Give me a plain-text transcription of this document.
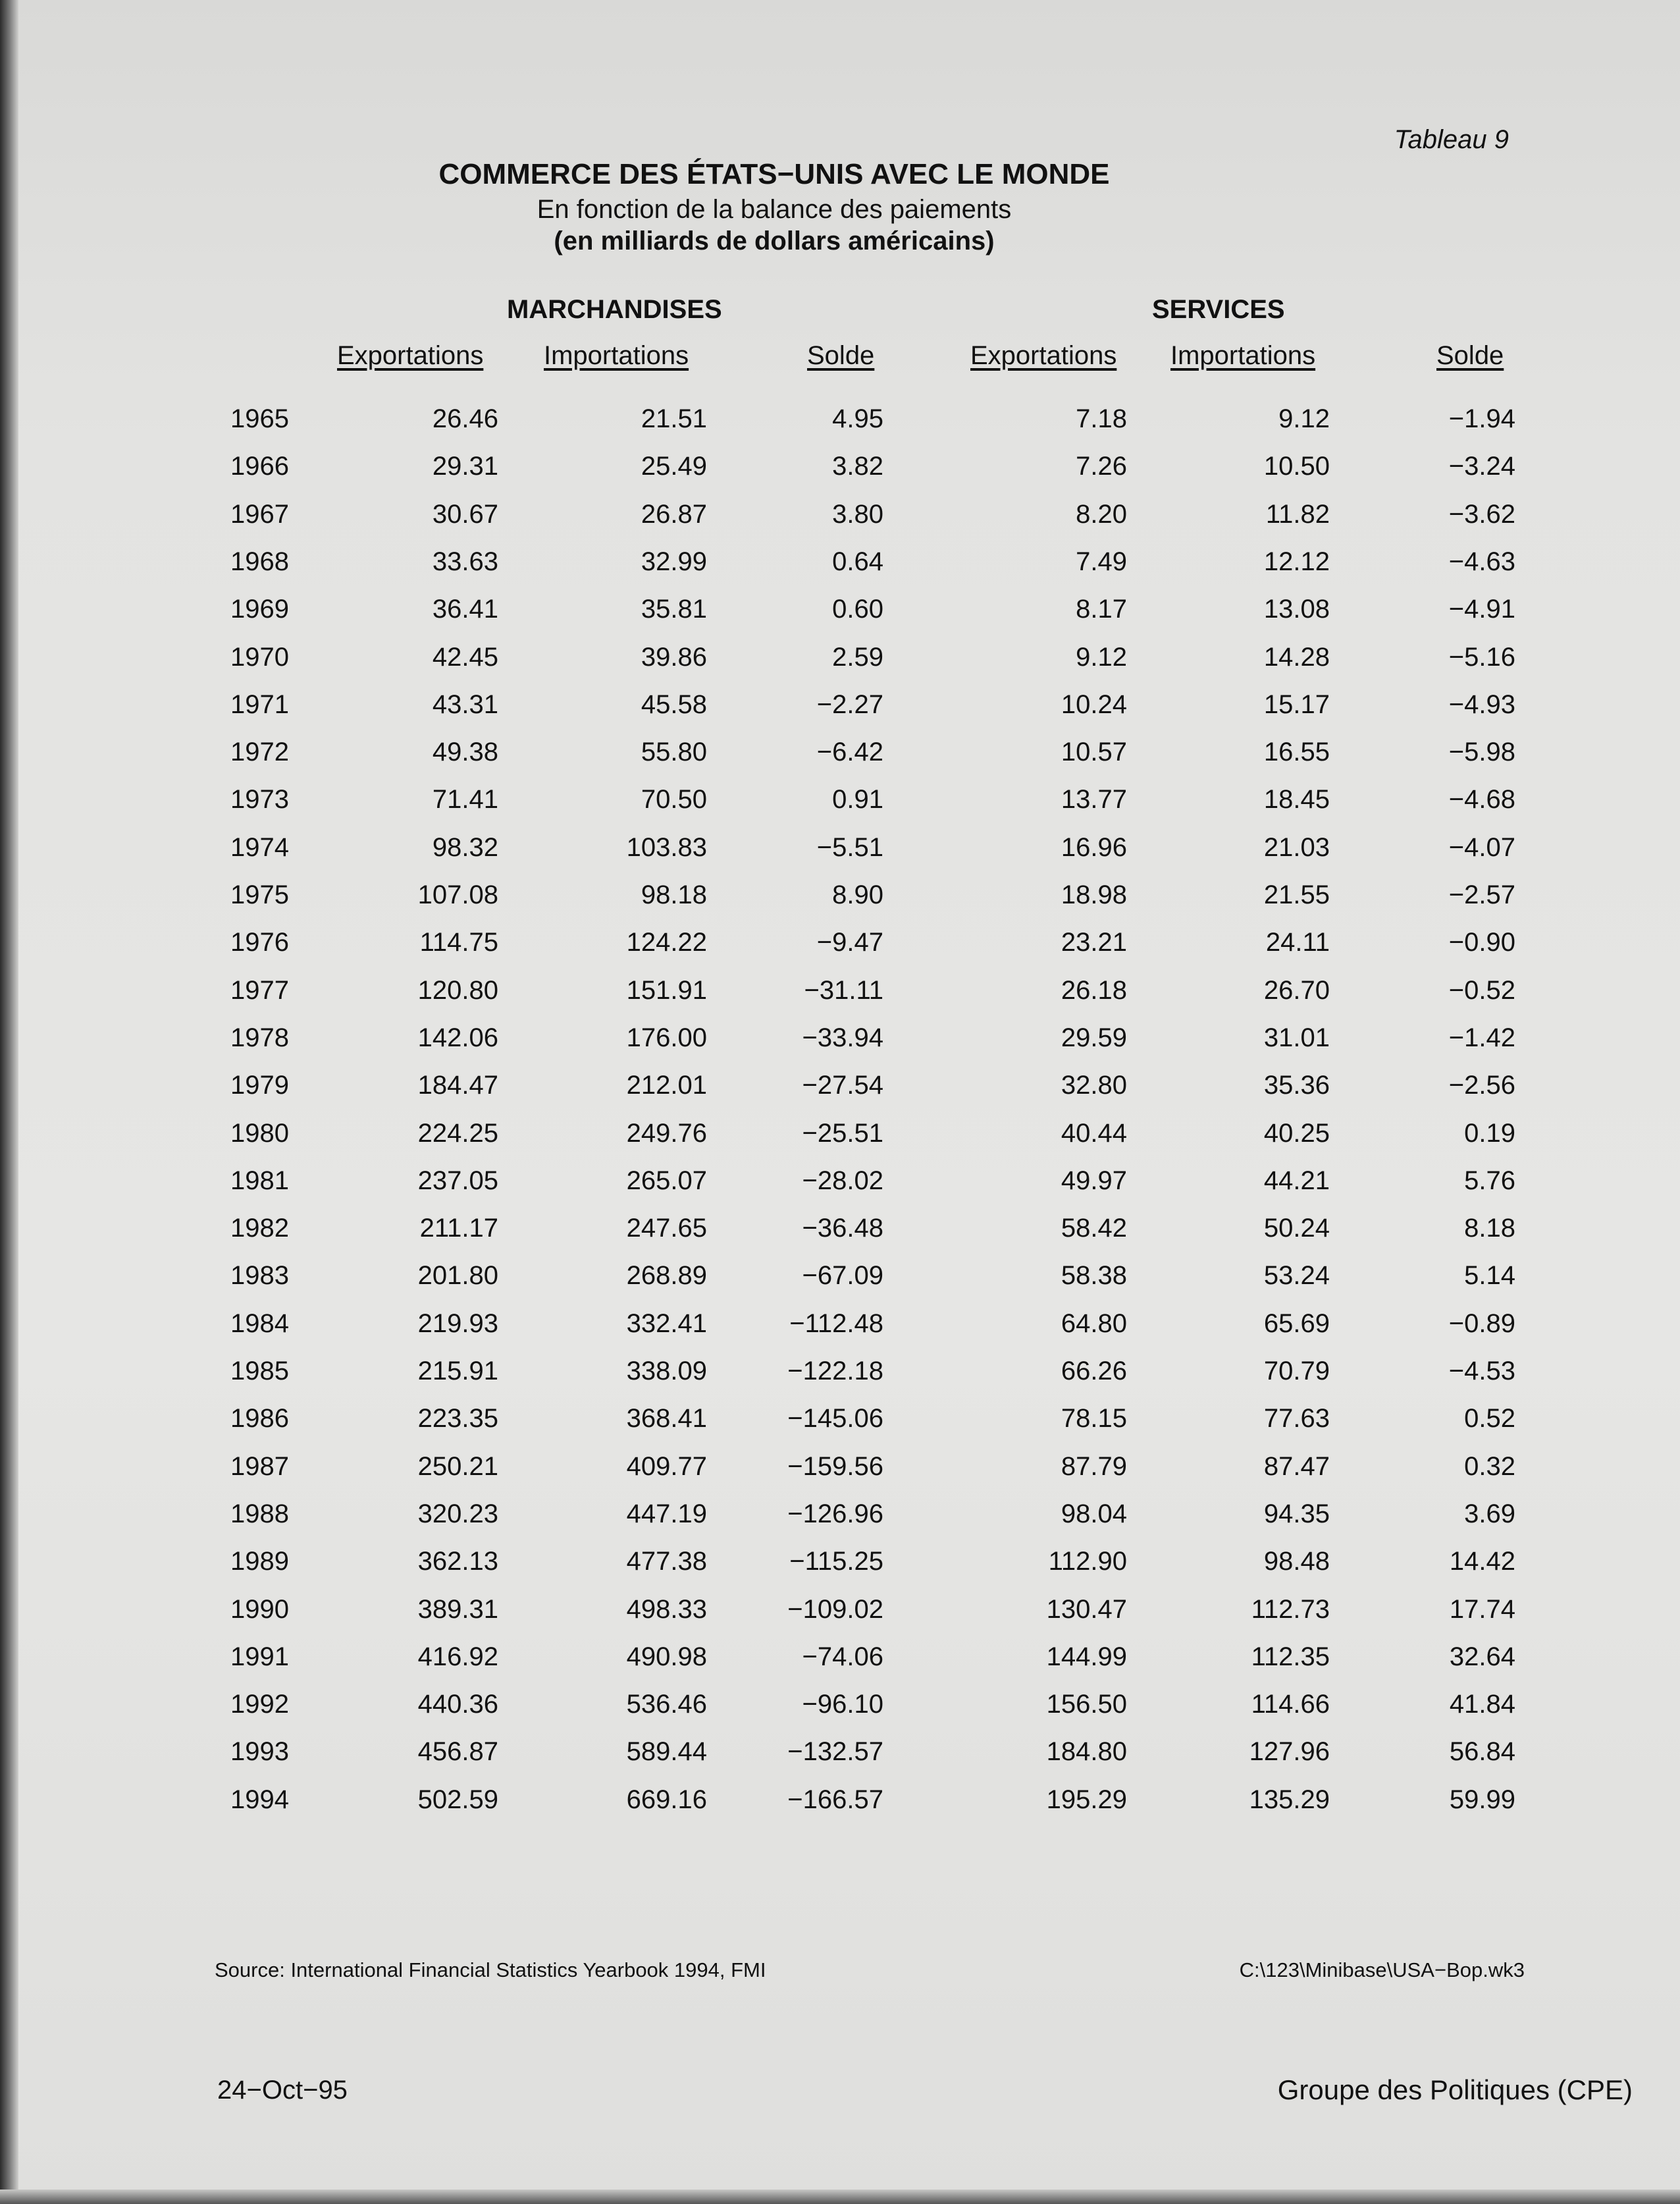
Tableau 9
COMMERCE DES ÉTATS−UNIS AVEC LE MONDE
En fonction de la balance des paiements
(en milliards de dollars américains)
MARCHANDISES	SERVICES
Exportations Importations	Solde	Exportations Importations	Solde
1965	26.46	21.51	4.95	7.18	9.12	−1.94
1966	29.31	25.49	3.82	7.26	10.50	−3.24
1967	30.67	26.87	3.80	8.20	11.82	−3.62
1968	33.63	32.99	0.64	7.49	12.12	−4.63
1969	36.41	35.81	0.60	8.17	13.08	−4.91
1970	42.45	39.86	2.59	9.12	14.28	−5.16
1971	43.31	45.58	−2.27	10.24	15.17	−4.93
1972	49.38	55.80	−6.42	10.57	16.55	−5.98
1973	71.41	70.50	0.91	13.77	18.45	−4.68
1974	98.32	103.83	−5.51	16.96	21.03	−4.07
1975	107.08	98.18	8.90	18.98	21.55	−2.57
1976	114.75	124.22	−9.47	23.21	24.11	−0.90
1977	120.80	151.91	−31.11	26.18	26.70	−0.52
1978	142.06	176.00	−33.94	29.59	31.01	−1.42
1979	184.47	212.01	−27.54	32.80	35.36	−2.56
1980	224.25	249.76	−25.51	40.44	40.25	0.19
1981	237.05	265.07	−28.02	49.97	44.21	5.76
1982	211.17	247.65	−36.48	58.42	50.24	8.18
1983	201.80	268.89	−67.09	58.38	53.24	5.14
1984	219.93	332.41	−112.48	64.80	65.69	−0.89
1985	215.91	338.09	−122.18	66.26	70.79	−4.53
1986	223.35	368.41	−145.06	78.15	77.63	0.52
1987	250.21	409.77	−159.56	87.79	87.47	0.32
1988	320.23	447.19	−126.96	98.04	94.35	3.69
1989	362.13	477.38	−115.25	112.90	98.48	14.42
1990	389.31	498.33	−109.02	130.47	112.73	17.74
1991	416.92	490.98	−74.06	144.99	112.35	32.64
1992	440.36	536.46	−96.10	156.50	114.66	41.84
1993	456.87	589.44	−132.57	184.80	127.96	56.84
1994	502.59	669.16	−166.57	195.29	135.29	59.99
Source: International Financial Statistics Yearbook 1994, FMI	C:\123\Minibase\USA−Bop.wk3
24−Oct−95	Groupe des Politiques (CPE)
